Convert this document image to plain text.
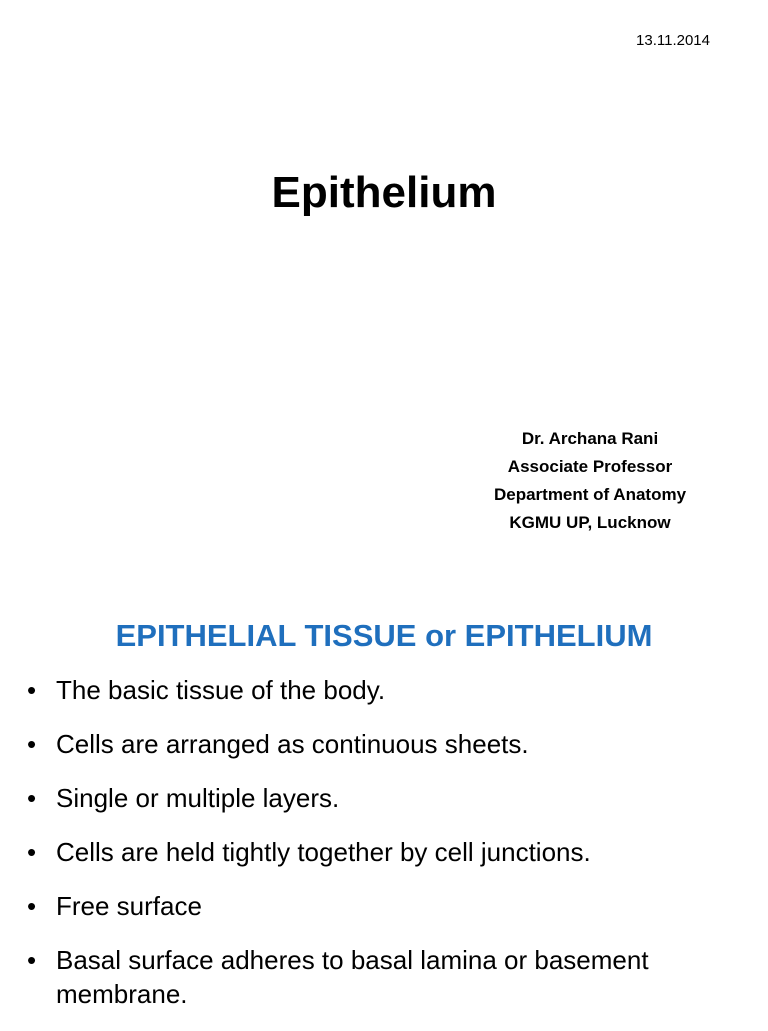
13.11.2014
Epithelium
Dr. Archana Rani
Associate Professor
Department of Anatomy
KGMU UP, Lucknow
EPITHELIAL TISSUE or EPITHELIUM
• The basic tissue of the body.
• Cells are arranged as continuous sheets.
• Single or multiple layers.
• Cells are held tightly together by cell junctions.
• Free surface
• Basal surface adheres to basal lamina or basement membrane.
